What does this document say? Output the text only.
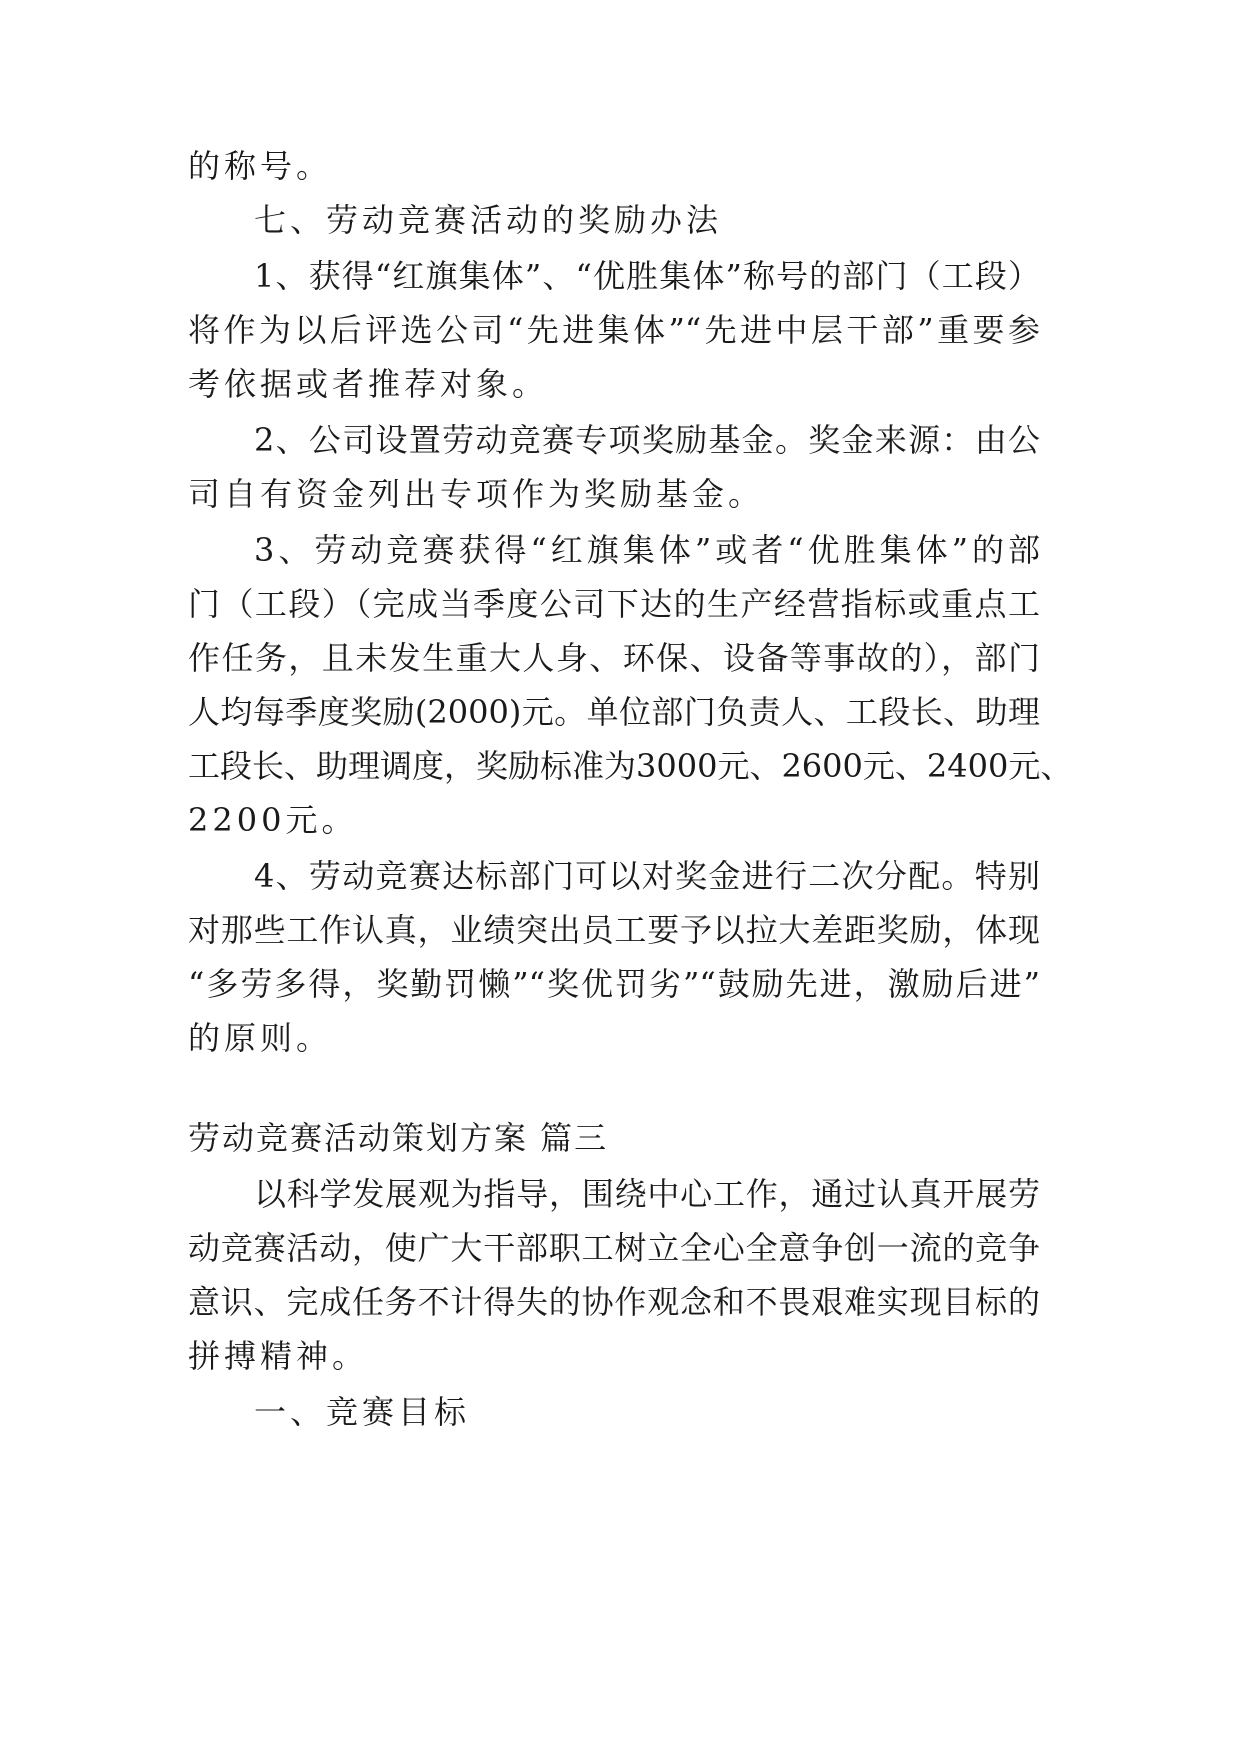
的称号。
七、劳动竞赛活动的奖励办法
1、获得“红旗集体”、“优胜集体”称号的部门（工段）
将作为以后评选公司“先进集体”“先进中层干部”重要参
考依据或者推荐对象。
2、公司设置劳动竞赛专项奖励基金。奖金来源：由公
司自有资金列出专项作为奖励基金。
3、劳动竞赛获得“红旗集体”或者“优胜集体”的部
门（工段）（完成当季度公司下达的生产经营指标或重点工
作任务，且未发生重大人身、环保、设备等事故的），部门
人均每季度奖励(2000)元。单位部门负责人、工段长、助理
工段长、助理调度，奖励标准为3000元、2600元、2400元、
2200元。
4、劳动竞赛达标部门可以对奖金进行二次分配。特别
对那些工作认真，业绩突出员工要予以拉大差距奖励，体现
“多劳多得，奖勤罚懒”“奖优罚劣”“鼓励先进，激励后进”
的原则。
劳动竞赛活动策划方案 篇三
以科学发展观为指导，围绕中心工作，通过认真开展劳
动竞赛活动，使广大干部职工树立全心全意争创一流的竞争
意识、完成任务不计得失的协作观念和不畏艰难实现目标的
拼搏精神。
一、竞赛目标
